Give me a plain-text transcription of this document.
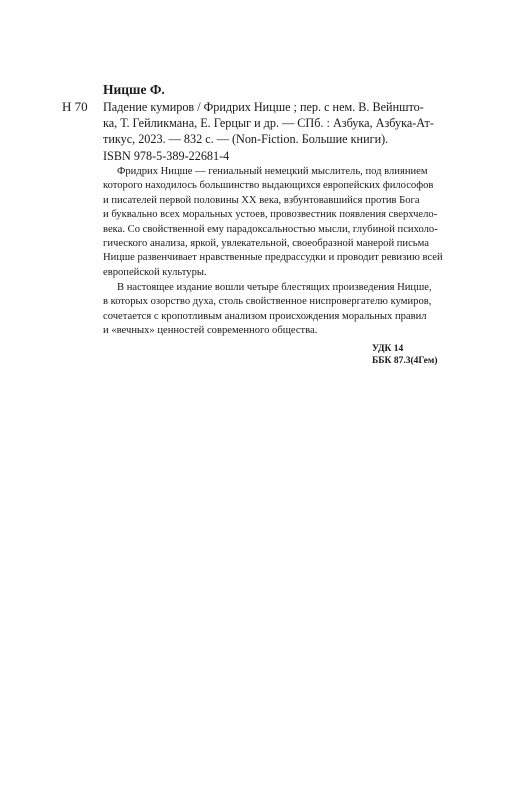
Ницше Ф.
Н 70 Падение кумиров / Фридрих Ницше ; пер. с нем. В. Вейншто-
ка, Т. Гейликмана, Е. Герцыг и др. — СПб. : Азбука, Азбука-Ат-
тикус, 2023. — 832 с. — (Non-Fiction. Большие книги).
ISBN 978-5-389-22681-4
Фридрих Ницше — гениальный немецкий мыслитель, под влиянием
которого находилось большинство выдающихся европейских философов
и писателей первой половины XX века, взбунтовавшийся против Бога
и буквально всех моральных устоев, провозвестник появления сверхчело-
века. Со свойственной ему парадоксальностью мысли, глубиной психоло-
гического анализа, яркой, увлекательной, своеобразной манерой письма
Ницше развенчивает нравственные предрассудки и проводит ревизию всей
европейской культуры.
В настоящее издание вошли четыре блестящих произведения Ницше,
в которых озорство духа, столь свойственное ниспровергателю кумиров,
сочетается с кропотливым анализом происхождения моральных правил
и «вечных» ценностей современного общества.
УДК 14
ББК 87.3(4Гем)
